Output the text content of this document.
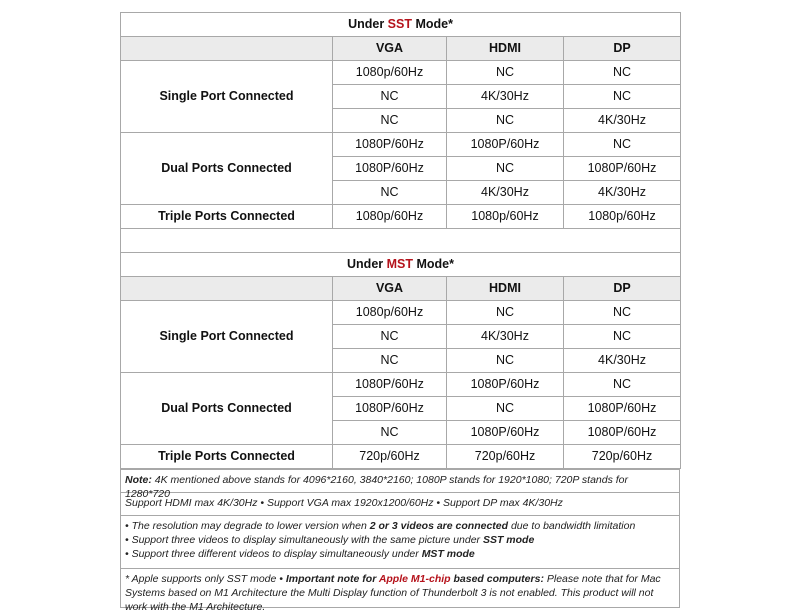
Under SST Mode*			
	VGA	HDMI	DP
Single Port Connected	1080p/60Hz	NC	NC
	NC	4K/30Hz	NC
	NC	NC	4K/30Hz
Dual Ports Connected	1080P/60Hz	1080P/60Hz	NC
	1080P/60Hz	NC	1080P/60Hz
	NC	4K/30Hz	4K/30Hz
Triple Ports Connected	1080p/60Hz	1080p/60Hz	1080p/60Hz

Under MST Mode*			
	VGA	HDMI	DP
Single Port Connected	1080p/60Hz	NC	NC
	NC	4K/30Hz	NC
	NC	NC	4K/30Hz
Dual Ports Connected	1080P/60Hz	1080P/60Hz	NC
	1080P/60Hz	NC	1080P/60Hz
	NC	1080P/60Hz	1080P/60Hz
Triple Ports Connected	720p/60Hz	720p/60Hz	720p/60Hz
Note: 4K mentioned above stands for 4096*2160, 3840*2160; 1080P stands for 1920*1080; 720P stands for 1280*720
Support HDMI max 4K/30Hz • Support VGA max 1920x1200/60Hz • Support DP max 4K/30Hz
• The resolution may degrade to lower version when 2 or 3 videos are connected due to bandwidth limitation
• Support three videos to display simultaneously with the same picture under SST mode
• Support three different videos to display simultaneously under MST mode
* Apple supports only SST mode • Important note for Apple M1-chip based computers: Please note that for Mac Systems based on M1 Architecture the Multi Display function of Thunderbolt 3 is not enabled. This product will not work with the M1 Architecture.
